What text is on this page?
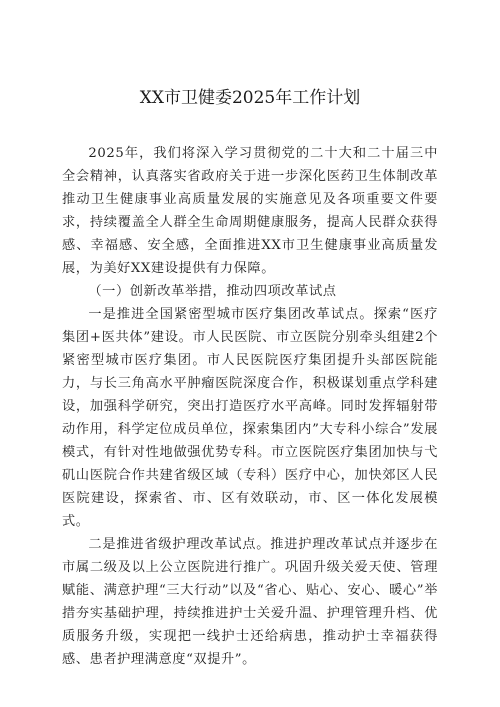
XX市卫健委2025年工作计划

2025年，我们将深入学习贯彻党的二十大和二十届三中全会精神，认真落实省政府关于进一步深化医药卫生体制改革推动卫生健康事业高质量发展的实施意见及各项重要文件要求，持续覆盖全人群全生命周期健康服务，提高人民群众获得感、幸福感、安全感，全面推进XX市卫生健康事业高质量发展，为美好XX建设提供有力保障。

（一）创新改革举措，推动四项改革试点

一是推进全国紧密型城市医疗集团改革试点。探索“医疗集团+医共体”建设。市人民医院、市立医院分别牵头组建2个紧密型城市医疗集团。市人民医院医疗集团提升头部医院能力，与长三角高水平肿瘤医院深度合作，积极谋划重点学科建设，加强科学研究，突出打造医疗水平高峰。同时发挥辐射带动作用，科学定位成员单位，探索集团内”大专科小综合”发展模式，有针对性地做强优势专科。市立医院医疗集团加快与弋矶山医院合作共建省级区域（专科）医疗中心，加快郊区人民医院建设，探索省、市、区有效联动，市、区一体化发展模式。

二是推进省级护理改革试点。推进护理改革试点并逐步在市属二级及以上公立医院进行推广。巩固升级关爱天使、管理赋能、满意护理“三大行动”以及“省心、贴心、安心、暖心”举措夯实基础护理，持续推进护士关爱升温、护理管理升档、优质服务升级，实现把一线护士还给病患，推动护士幸福获得感、患者护理满意度“双提升”。
